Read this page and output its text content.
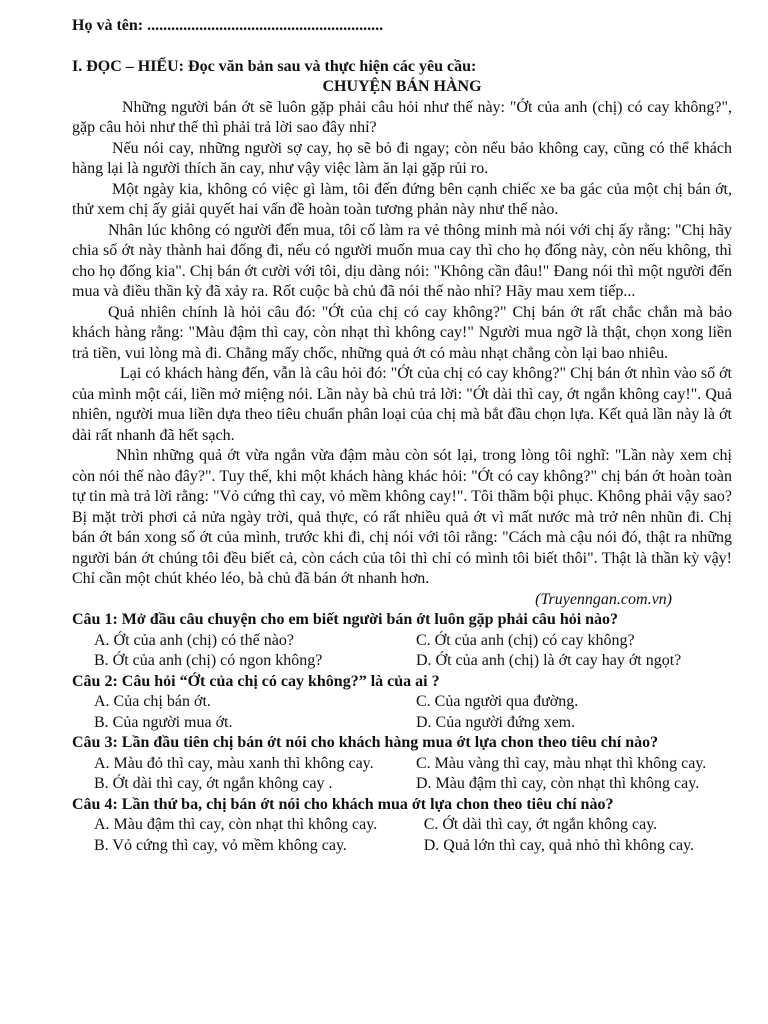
Họ và tên: ...........................................................

I. ĐỌC – HIỂU: Đọc văn bản sau và thực hiện các yêu cầu:

CHUYỆN BÁN HÀNG

Những người bán ớt sẽ luôn gặp phải câu hỏi như thế này: "Ớt của anh (chị) có cay không?", gặp câu hỏi như thế thì phải trả lời sao đây nhỉ?

Nếu nói cay, những người sợ cay, họ sẽ bỏ đi ngay; còn nếu bảo không cay, cũng có thể khách hàng lại là người thích ăn cay, như vậy việc làm ăn lại gặp rủi ro.

Một ngày kia, không có việc gì làm, tôi đến đứng bên cạnh chiếc xe ba gác của một chị bán ớt, thử xem chị ấy giải quyết hai vấn đề hoàn toàn tương phản này như thế nào.

Nhân lúc không có người đến mua, tôi cố làm ra vẻ thông minh mà nói với chị ấy rằng: "Chị hãy chia số ớt này thành hai đống đi, nếu có người muốn mua cay thì cho họ đống này, còn nếu không, thì cho họ đống kia". Chị bán ớt cười với tôi, dịu dàng nói: "Không cần đâu!" Đang nói thì một người đến mua và điều thần kỳ đã xảy ra. Rốt cuộc bà chủ đã nói thế nào nhỉ? Hãy mau xem tiếp...

Quả nhiên chính là hỏi câu đó: "Ớt của chị có cay không?" Chị bán ớt rất chắc chắn mà bảo khách hàng rằng: "Màu đậm thì cay, còn nhạt thì không cay!" Người mua ngỡ là thật, chọn xong liền trả tiền, vui lòng mà đi. Chẳng mấy chốc, những quả ớt có màu nhạt chẳng còn lại bao nhiêu.

Lại có khách hàng đến, vẫn là câu hỏi đó: "Ớt của chị có cay không?" Chị bán ớt nhìn vào số ớt của mình một cái, liền mở miệng nói. Lần này bà chủ trả lời: "Ớt dài thì cay, ớt ngắn không cay!". Quả nhiên, người mua liền dựa theo tiêu chuẩn phân loại của chị mà bắt đầu chọn lựa. Kết quả lần này là ớt dài rất nhanh đã hết sạch.

Nhìn những quả ớt vừa ngắn vừa đậm màu còn sót lại, trong lòng tôi nghĩ: "Lần này xem chị còn nói thế nào đây?". Tuy thế, khi một khách hàng khác hỏi: "Ớt có cay không?" chị bán ớt hoàn toàn tự tin mà trả lời rằng: "Vỏ cứng thì cay, vỏ mềm không cay!". Tôi thầm bội phục. Không phải vậy sao? Bị mặt trời phơi cả nửa ngày trời, quả thực, có rất nhiều quả ớt vì mất nước mà trở nên nhũn đi. Chị bán ớt bán xong số ớt của mình, trước khi đi, chị nói với tôi rằng: "Cách mà cậu nói đó, thật ra những người bán ớt chúng tôi đều biết cả, còn cách của tôi thì chỉ có mình tôi biết thôi". Thật là thần kỳ vậy! Chỉ cần một chút khéo léo, bà chủ đã bán ớt nhanh hơn.

(Truyenngan.com.vn)

Câu 1: Mở đầu câu chuyện cho em biết người bán ớt luôn gặp phải câu hỏi nào?

A. Ớt của anh (chị) có thế nào?	C. Ớt của anh (chị) có cay không?

B. Ớt của anh (chị) có ngon không?	D. Ớt của anh (chị) là ớt cay hay ớt ngọt?

Câu 2: Câu hỏi “Ớt của chị có cay không?” là của ai ?

A. Của chị bán ớt.	C. Của người qua đường.

B. Của người mua ớt.	D. Của người đứng xem.

Câu 3: Lần đầu tiên chị bán ớt nói cho khách hàng mua ớt lựa chon theo tiêu chí nào?

A. Màu đỏ thì cay, màu xanh thì không cay.	C. Màu vàng thì cay, màu nhạt thì không cay.

B. Ớt dài thì cay, ớt ngắn không cay .	D. Màu đậm thì cay, còn nhạt thì không cay.

Câu 4: Lần thứ ba, chị bán ớt nói cho khách mua ớt lựa chon theo tiêu chí nào?

A. Màu đậm thì cay, còn nhạt thì không cay.	C. Ớt dài thì cay, ớt ngắn không cay.

B. Vỏ cứng thì cay, vỏ mềm không cay.	D. Quả lớn thì cay, quả nhỏ thì không cay.
